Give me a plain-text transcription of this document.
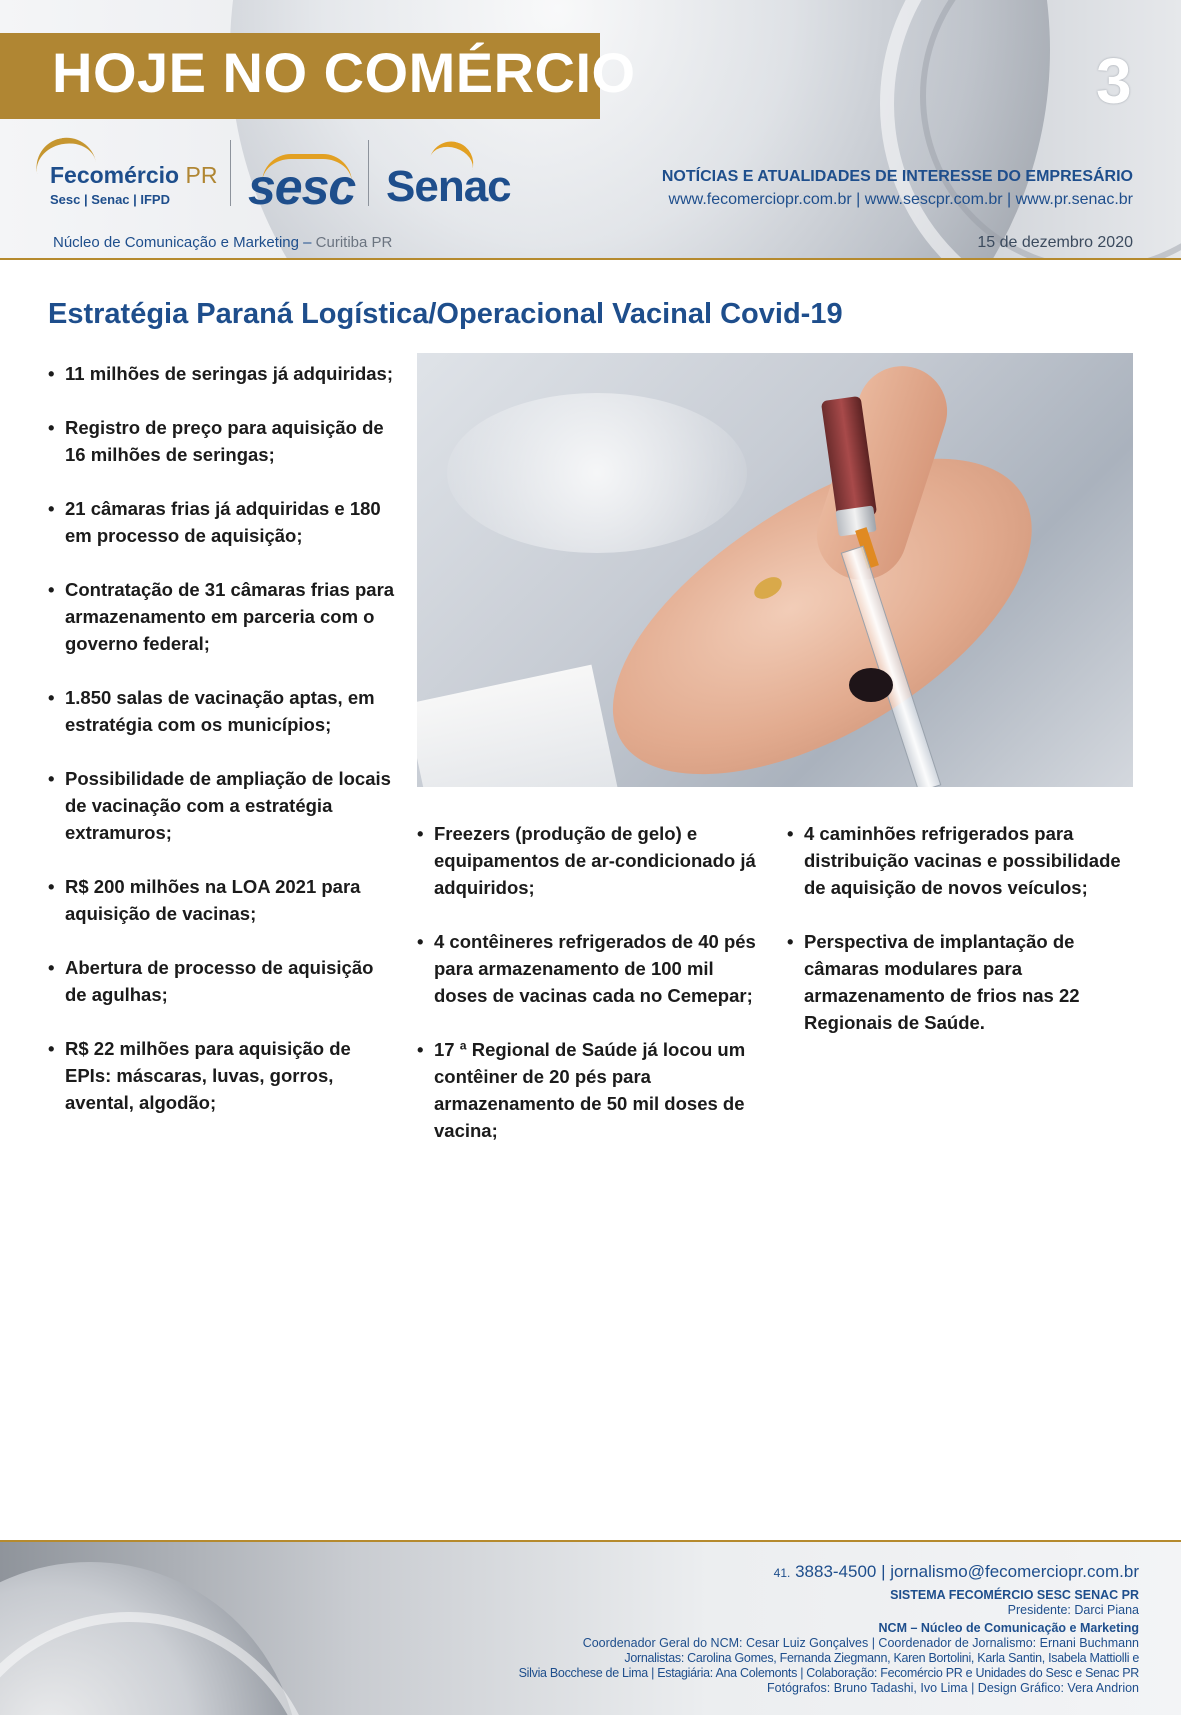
HOJE NO COMÉRCIO	3
Fecomércio PR
Sesc | Senac | IFPD sesc Senac	NOTÍCIAS E ATUALIDADES DE INTERESSE DO EMPRESÁRIO
www.fecomerciopr.com.br | www.sescpr.com.br | www.pr.senac.br
Núcleo de Comunicação e Marketing – Curitiba PR	15 de dezembro 2020
Estratégia Paraná Logística/Operacional Vacinal Covid-19
• 11 milhões de seringas já adquiridas;
• Registro de preço para aquisição de 16 milhões de seringas;
• 21 câmaras frias já adquiridas e 180 em processo de aquisição;
• Contratação de 31 câmaras frias para armazenamento em parceria com o governo federal;
• 1.850 salas de vacinação aptas, em estratégia com os municípios;
• Possibilidade de ampliação de locais de vacinação com a estratégia extramuros;
• R$ 200 milhões na LOA 2021 para aquisição de vacinas;
• Abertura de processo de aquisição de agulhas;
• R$ 22 milhões para aquisição de EPIs: máscaras, luvas, gorros, avental, algodão;
• Freezers (produção de gelo) e equipamentos de ar-condicionado já adquiridos;
• 4 contêineres refrigerados de 40 pés para armazenamento de 100 mil doses de vacinas cada no Cemepar;
• 17 ª Regional de Saúde já locou um contêiner de 20 pés para armazenamento de 50 mil doses de vacina;
• 4 caminhões refrigerados para distribuição vacinas e possibilidade de aquisição de novos veículos;
• Perspectiva de implantação de câmaras modulares para armazenamento de frios nas 22 Regionais de Saúde.
41. 3883-4500 | jornalismo@fecomerciopr.com.br
SISTEMA FECOMÉRCIO SESC SENAC PR
Presidente: Darci Piana
NCM – Núcleo de Comunicação e Marketing
Coordenador Geral do NCM: Cesar Luiz Gonçalves | Coordenador de Jornalismo: Ernani Buchmann
Jornalistas: Carolina Gomes, Fernanda Ziegmann, Karen Bortolini, Karla Santin, Isabela Mattiolli e
Silvia Bocchese de Lima | Estagiária: Ana Colemonts | Colaboração: Fecomércio PR e Unidades do Sesc e Senac PR
Fotógrafos: Bruno Tadashi, Ivo Lima | Design Gráfico: Vera Andrion
